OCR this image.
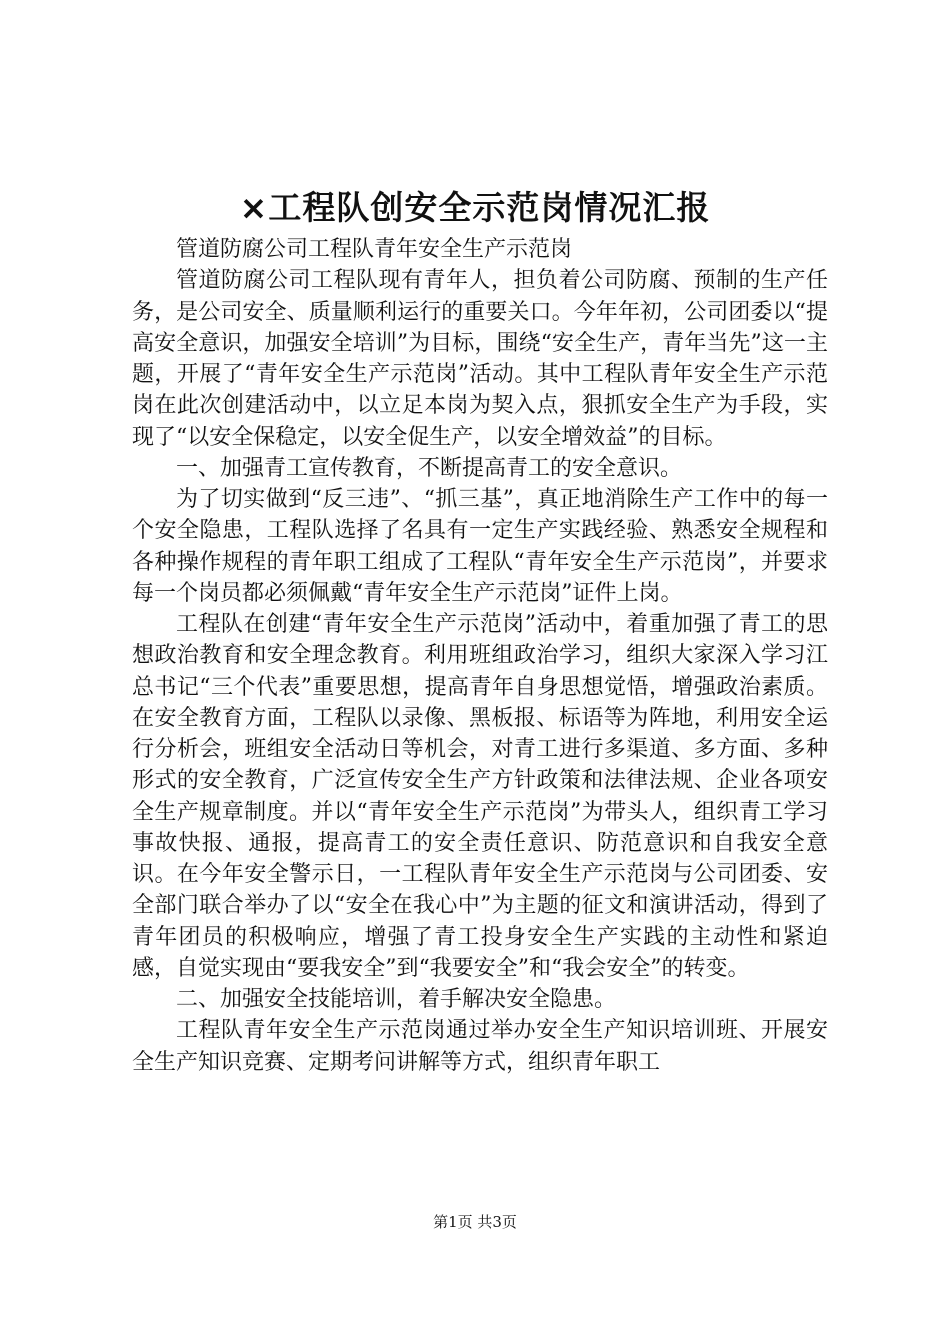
×工程队创安全示范岗情况汇报

管道防腐公司工程队青年安全生产示范岗

管道防腐公司工程队现有青年人，担负着公司防腐、预制的生产任务，是公司安全、质量顺利运行的重要关口。今年年初，公司团委以“提高安全意识，加强安全培训”为目标，围绕“安全生产，青年当先”这一主题，开展了“青年安全生产示范岗”活动。其中工程队青年安全生产示范岗在此次创建活动中，以立足本岗为契入点，狠抓安全生产为手段，实现了“以安全保稳定，以安全促生产，以安全增效益”的目标。

一、加强青工宣传教育，不断提高青工的安全意识。

为了切实做到“反三违”、“抓三基”，真正地消除生产工作中的每一个安全隐患，工程队选择了名具有一定生产实践经验、熟悉安全规程和各种操作规程的青年职工组成了工程队“青年安全生产示范岗”，并要求每一个岗员都必须佩戴“青年安全生产示范岗”证件上岗。

工程队在创建“青年安全生产示范岗”活动中，着重加强了青工的思想政治教育和安全理念教育。利用班组政治学习，组织大家深入学习江总书记“三个代表”重要思想，提高青年自身思想觉悟，增强政治素质。在安全教育方面，工程队以录像、黑板报、标语等为阵地，利用安全运行分析会，班组安全活动日等机会，对青工进行多渠道、多方面、多种形式的安全教育，广泛宣传安全生产方针政策和法律法规、企业各项安全生产规章制度。并以“青年安全生产示范岗”为带头人，组织青工学习事故快报、通报，提高青工的安全责任意识、防范意识和自我安全意识。在今年安全警示日，一工程队青年安全生产示范岗与公司团委、安全部门联合举办了以“安全在我心中”为主题的征文和演讲活动，得到了青年团员的积极响应，增强了青工投身安全生产实践的主动性和紧迫感，自觉实现由“要我安全”到“我要安全”和“我会安全”的转变。

二、加强安全技能培训，着手解决安全隐患。

工程队青年安全生产示范岗通过举办安全生产知识培训班、开展安全生产知识竞赛、定期考问讲解等方式，组织青年职工

第1页 共3页
